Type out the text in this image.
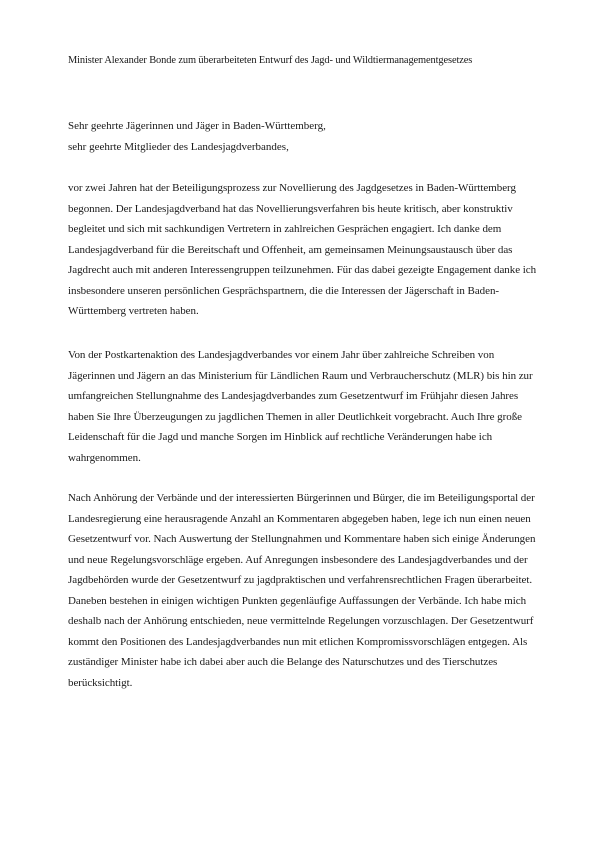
Minister Alexander Bonde zum überarbeiteten Entwurf des Jagd- und Wildtiermanagementgesetzes
Sehr geehrte Jägerinnen und Jäger in Baden-Württemberg,
sehr geehrte Mitglieder des Landesjagdverbandes,
vor zwei Jahren hat der Beteiligungsprozess zur Novellierung des Jagdgesetzes in Baden-Württemberg begonnen. Der Landesjagdverband hat das Novellierungsverfahren bis heute kritisch, aber konstruktiv begleitet und sich mit sachkundigen Vertretern in zahlreichen Gesprächen engagiert. Ich danke dem Landesjagdverband für die Bereitschaft und Offenheit, am gemeinsamen Meinungsaustausch über das Jagdrecht auch mit anderen Interessengruppen teilzunehmen. Für das dabei gezeigte Engagement danke ich insbesondere unseren persönlichen Gesprächspartnern, die die Interessen der Jägerschaft in Baden-Württemberg vertreten haben.
Von der Postkartenaktion des Landesjagdverbandes vor einem Jahr über zahlreiche Schreiben von Jägerinnen und Jägern an das Ministerium für Ländlichen Raum und Verbraucherschutz (MLR) bis hin zur umfangreichen Stellungnahme des Landesjagdverbandes zum Gesetzentwurf im Frühjahr diesen Jahres haben Sie Ihre Überzeugungen zu jagdlichen Themen in aller Deutlichkeit vorgebracht. Auch Ihre große Leidenschaft für die Jagd und manche Sorgen im Hinblick auf rechtliche Veränderungen habe ich wahrgenommen.
Nach Anhörung der Verbände und der interessierten Bürgerinnen und Bürger, die im Beteiligungsportal der Landesregierung eine herausragende Anzahl an Kommentaren abgegeben haben, lege ich nun einen neuen Gesetzentwurf vor. Nach Auswertung der Stellungnahmen und Kommentare haben sich einige Änderungen und neue Regelungsvorschläge ergeben. Auf Anregungen insbesondere des Landesjagdverbandes und der Jagdbehörden wurde der Gesetzentwurf zu jagdpraktischen und verfahrensrechtlichen Fragen überarbeitet. Daneben bestehen in einigen wichtigen Punkten gegenläufige Auffassungen der Verbände. Ich habe mich deshalb nach der Anhörung entschieden, neue vermittelnde Regelungen vorzuschlagen. Der Gesetzentwurf kommt den Positionen des Landesjagdverbandes nun mit etlichen Kompromissvorschlägen entgegen. Als zuständiger Minister habe ich dabei aber auch die Belange des Naturschutzes und des Tierschutzes berücksichtigt.
